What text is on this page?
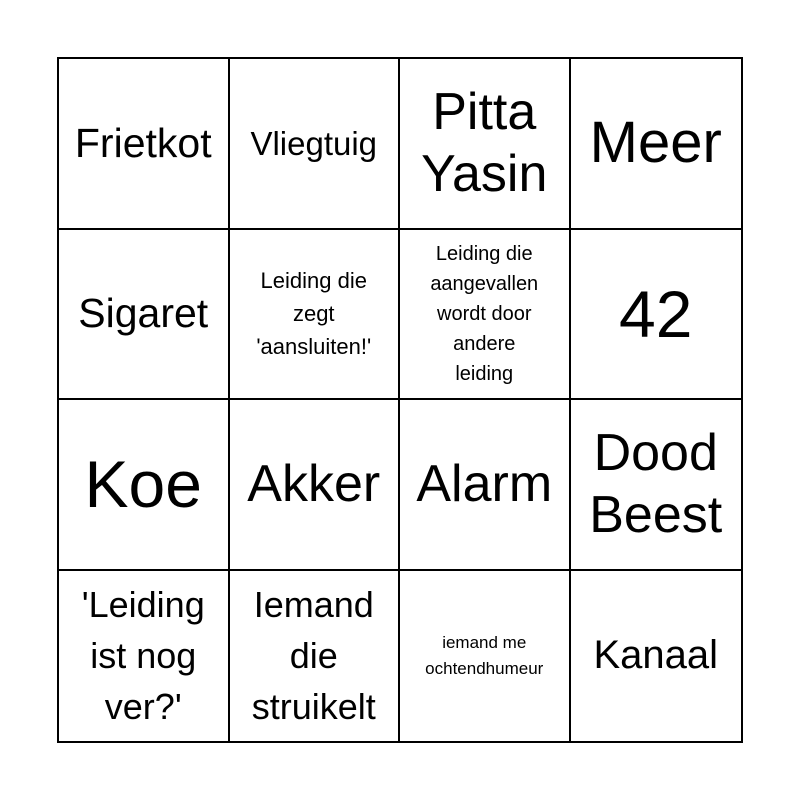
Frietkot Vliegtuig
Pitta
Yasin Meer
Sigaret
Leiding die
zegt
'aansluiten!'
Leiding die
aangevallen
wordt door
andere
leiding
42
Koe Akker Alarm
Dood
Beest
'Leiding
ist nog
ver?'
Iemand
die
struikelt
iemand me
ochtendhumeur Kanaal
